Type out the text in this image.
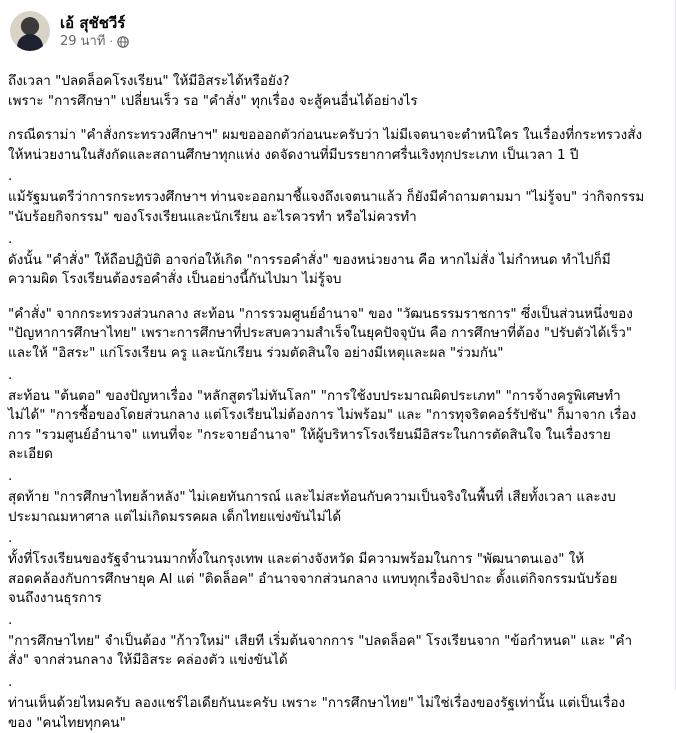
เอ้ สุชัชวีร์
29 นาที ·

ถึงเวลา "ปลดล็อคโรงเรียน" ให้มีอิสระได้หรือยัง?
เพราะ "การศึกษา" เปลี่ยนเร็ว รอ "คำสั่ง" ทุกเรื่อง จะสู้คนอื่นได้อย่างไร

กรณีดราม่า "คำสั่งกระทรวงศึกษาฯ" ผมขอออกตัวก่อนนะครับว่า ไม่มีเจตนาจะตำหนิใคร ในเรื่องที่กระทรวงสั่ง
ให้หน่วยงานในสังกัดและสถานศึกษาทุกแห่ง งดจัดงานที่มีบรรยากาศรื่นเริงทุกประเภท เป็นเวลา 1 ปี

.

แม้รัฐมนตรีว่าการกระทรวงศึกษาฯ ท่านจะออกมาชี้แจงถึงเจตนาแล้ว ก็ยังมีคำถามตามมา "ไม่รู้จบ" ว่ากิจกรรม
"นับร้อยกิจกรรม" ของโรงเรียนและนักเรียน อะไรควรทำ หรือไม่ควรทำ

.

ดังนั้น "คำสั่ง" ให้ถือปฏิบัติ อาจก่อให้เกิด "การรอคำสั่ง" ของหน่วยงาน คือ หากไม่สั่ง ไม่กำหนด ทำไปก็มี
ความผิด โรงเรียนต้องรอคำสั่ง เป็นอย่างนี้กันไปมา ไม่รู้จบ

"คำสั่ง" จากกระทรวงส่วนกลาง สะท้อน "การรวมศูนย์อำนาจ" ของ "วัฒนธรรมราชการ" ซึ่งเป็นส่วนหนึ่งของ
"ปัญหาการศึกษาไทย" เพราะการศึกษาที่ประสบความสำเร็จในยุคปัจจุบัน คือ การศึกษาที่ต้อง "ปรับตัวได้เร็ว"
และให้ "อิสระ" แก่โรงเรียน ครู และนักเรียน ร่วมตัดสินใจ อย่างมีเหตุและผล "ร่วมกัน"

.

สะท้อน "ต้นตอ" ของปัญหาเรื่อง "หลักสูตรไม่ทันโลก" "การใช้งบประมาณผิดประเภท" "การจ้างครูพิเศษทำ
ไม่ได้" "การซื้อของโดยส่วนกลาง แต่โรงเรียนไม่ต้องการ ไม่พร้อม" และ "การทุจริตคอร์รัปชัน" ก็มาจาก เรื่อง
การ "รวมศูนย์อำนาจ" แทนที่จะ "กระจายอำนาจ" ให้ผู้บริหารโรงเรียนมีอิสระในการตัดสินใจ ในเรื่องราย
ละเอียด

.

สุดท้าย "การศึกษาไทยล้าหลัง" ไม่เคยทันการณ์ และไม่สะท้อนกับความเป็นจริงในพื้นที่ เสียทั้งเวลา และงบ
ประมาณมหาศาล แต่ไม่เกิดมรรคผล เด็กไทยแข่งขันไม่ได้

.

ทั้งที่โรงเรียนของรัฐจำนวนมากทั้งในกรุงเทพ และต่างจังหวัด มีความพร้อมในการ "พัฒนาตนเอง" ให้
สอดคล้องกับการศึกษายุค AI แต่ "ติดล็อค" อำนาจจากส่วนกลาง แทบทุกเรื่องจิปาถะ ตั้งแต่กิจกรรมนับร้อย
จนถึงงานธุรการ

.

"การศึกษาไทย" จำเป็นต้อง "ก้าวใหม่" เสียที เริ่มต้นจากการ "ปลดล็อค" โรงเรียนจาก "ข้อกำหนด" และ "คำ
สั่ง" จากส่วนกลาง ให้มีอิสระ คล่องตัว แข่งขันได้

.

ท่านเห็นด้วยไหมครับ ลองแชร์ไอเดียกันนะครับ เพราะ "การศึกษาไทย" ไม่ใช่เรื่องของรัฐเท่านั้น แต่เป็นเรื่อง
ของ "คนไทยทุกคน"
